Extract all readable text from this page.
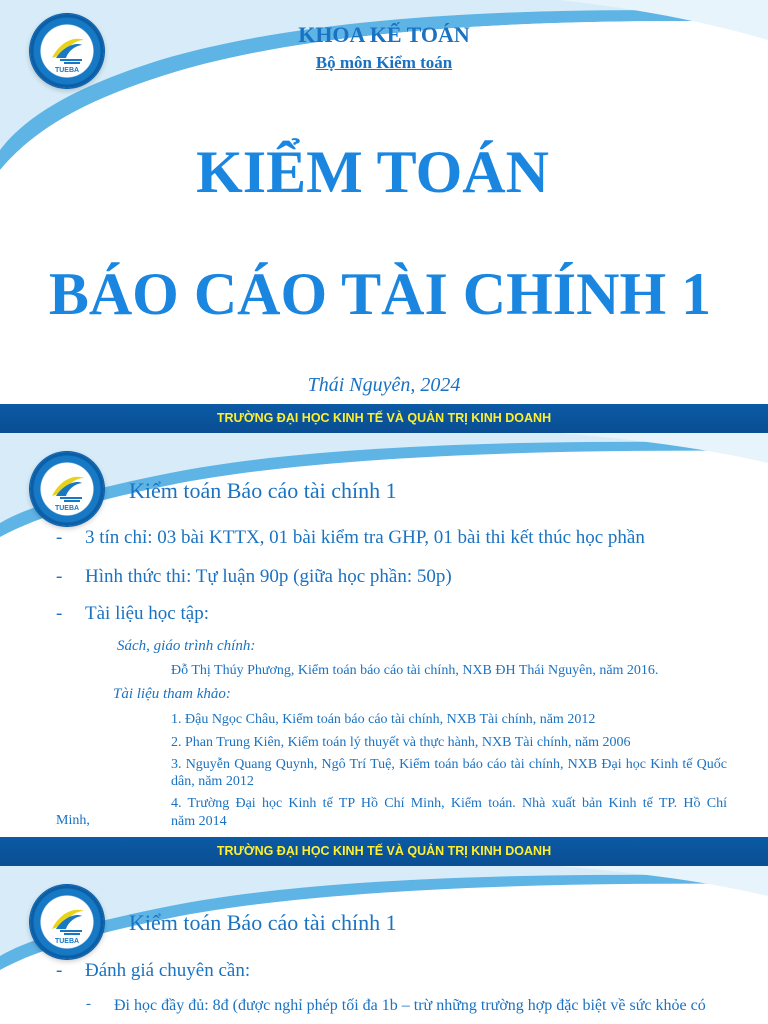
TUEBA
KHOA KẾ TOÁN
Bộ môn Kiểm toán
KIỂM TOÁN
BÁO CÁO TÀI CHÍNH 1
Thái Nguyên, 2024
TRƯỜNG ĐẠI HỌC KINH TẾ VÀ QUẢN TRỊ KINH DOANH
TUEBA
Kiểm toán Báo cáo tài chính 1
- 3 tín chỉ: 03 bài KTTX, 01 bài kiểm tra GHP, 01 bài thi kết thúc học phần
- Hình thức thi: Tự luận 90p (giữa học phần: 50p)
- Tài liệu học tập:
Sách, giáo trình chính:
Đỗ Thị Thúy Phương, Kiểm toán báo cáo tài chính, NXB ĐH Thái Nguyên, năm 2016.
Tài liệu tham khảo:
1. Đậu Ngọc Châu, Kiểm toán báo cáo tài chính, NXB Tài chính, năm 2012
2. Phan Trung Kiên, Kiểm toán lý thuyết và thực hành, NXB Tài chính, năm 2006
3. Nguyễn Quang Quynh, Ngô Trí Tuệ, Kiểm toán báo cáo tài chính, NXB Đại học Kinh tế Quốc dân, năm 2012
4. Trường Đại học Kinh tế TP Hồ Chí Minh, Kiểm toán. Nhà xuất bản Kinh tế TP. Hồ Chí
Minh,	năm 2014
TRƯỜNG ĐẠI HỌC KINH TẾ VÀ QUẢN TRỊ KINH DOANH
TUEBA
Kiểm toán Báo cáo tài chính 1
- Đánh giá chuyên cần:
- Đi học đầy đủ: 8đ (được nghỉ phép tối đa 1b – trừ những trường hợp đặc biệt về sức khỏe có
